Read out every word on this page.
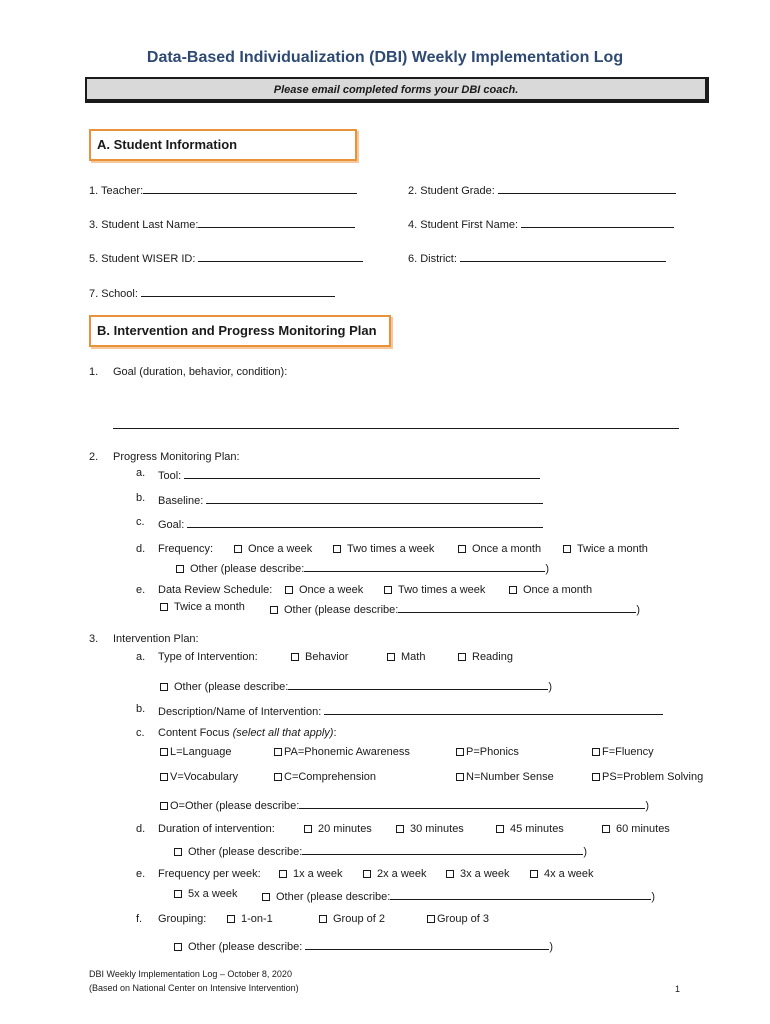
Data-Based Individualization (DBI) Weekly Implementation Log
Please email completed forms your DBI coach.
A. Student Information
1. Teacher:	2. Student Grade:
3. Student Last Name:	4. Student First Name:
5. Student WISER ID:	6. District:
7. School:
B. Intervention and Progress Monitoring Plan
1. Goal (duration, behavior, condition):
2. Progress Monitoring Plan:
a. Tool:
b. Baseline:
c. Goal:
d. Frequency:	Once a week	Two times a week	Once a month	Twice a month
Other (please describe:	)
e. Data Review Schedule:	Once a week	Two times a week	Once a month
Twice a month	Other (please describe:	)
3. Intervention Plan:
a. Type of Intervention:	Behavior	Math	Reading
Other (please describe:	)
b. Description/Name of Intervention:
c. Content Focus (select all that apply):
L=Language	PA=Phonemic Awareness	P=Phonics	F=Fluency
V=Vocabulary	C=Comprehension	N=Number Sense	PS=Problem Solving
O=Other (please describe:	)
d. Duration of intervention:	20 minutes	30 minutes	45 minutes	60 minutes
Other (please describe:	)
e. Frequency per week:	1x a week	2x a week	3x a week	4x a week
5x a week	Other (please describe:	)
f. Grouping:	1-on-1	Group of 2	Group of 3
Other (please describe:	)
DBI Weekly Implementation Log – October 8, 2020
(Based on National Center on Intensive Intervention)	1
